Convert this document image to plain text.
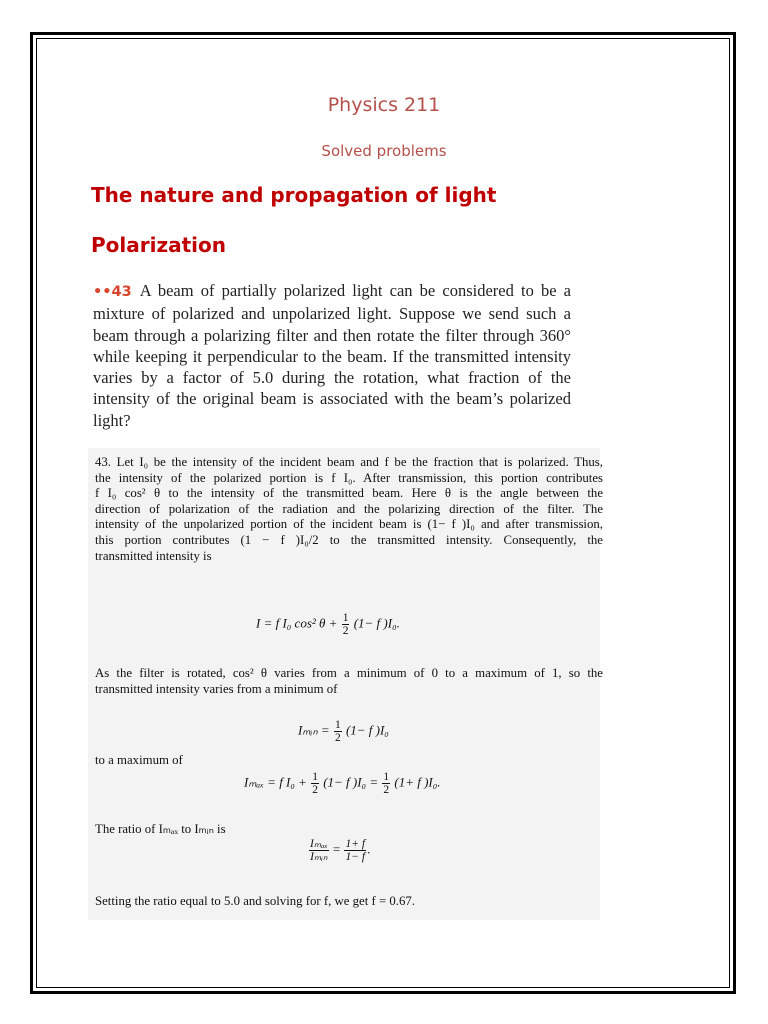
Physics 211
Solved problems
The nature and propagation of light
Polarization
••43 A beam of partially polarized light can be considered to be a mixture of polarized and unpolarized light. Suppose we send such a beam through a polarizing filter and then rotate the filter through 360° while keeping it perpendicular to the beam. If the transmitted intensity varies by a factor of 5.0 during the rotation, what fraction of the intensity of the original beam is associated with the beam’s polarized light?
43. Let I₀ be the intensity of the incident beam and f be the fraction that is polarized. Thus,
the intensity of the polarized portion is f I₀. After transmission, this portion contributes
f I₀ cos² θ to the intensity of the transmitted beam. Here θ is the angle between the
direction of polarization of the radiation and the polarizing direction of the filter. The
intensity of the unpolarized portion of the incident beam is (1− f )I₀ and after transmission,
this portion contributes (1 − f )I₀/2 to the transmitted intensity. Consequently, the
transmitted intensity is
I = f I₀ cos² $\theta + \frac{1}{2} (1- f$ )I₀.
As the filter is rotated, cos² θ varies from a minimum of 0 to a maximum of 1, so the
transmitted intensity varies from a minimum of
Iₘᵢₙ = $\frac{1}{2} (1- f$ )I₀
to a maximum of
Iₘₐₓ = f $I_0 + \frac{1}{2} (1- f$ )$I_0 = \frac{1}{2} (1+ f$ )I₀.
The ratio of Iₘₐₓ to Iₘᵢₙ is
$\frac{\text{Iₘₐₓ}}{\text{Iₘᵢₙ}} = \frac{1+ f}{1- f}$ .
Setting the ratio equal to 5.0 and solving for f, we get f = 0.67.
